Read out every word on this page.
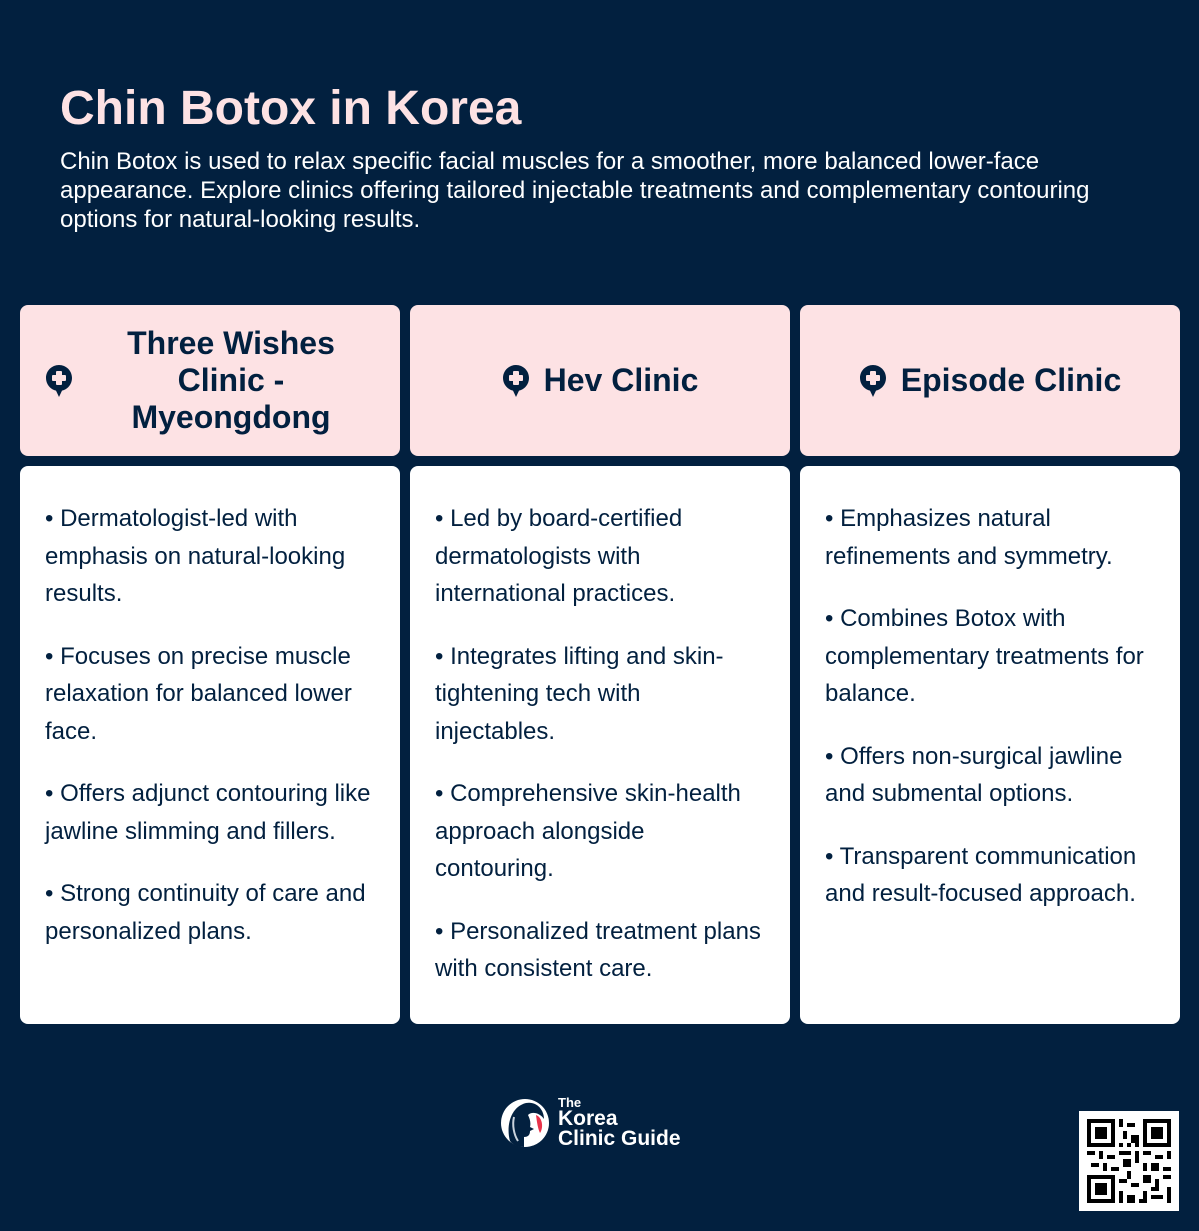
Chin Botox in Korea

Chin Botox is used to relax specific facial muscles for a smoother, more balanced lower-face appearance. Explore clinics offering tailored injectable treatments and complementary contouring options for natural-looking results.

Three Wishes Clinic - Myeongdong

• Dermatologist-led with emphasis on natural-looking results.

• Focuses on precise muscle relaxation for balanced lower face.

• Offers adjunct contouring like jawline slimming and fillers.

• Strong continuity of care and personalized plans.

Hev Clinic

• Led by board-certified dermatologists with international practices.

• Integrates lifting and skin-tightening tech with injectables.

• Comprehensive skin-health approach alongside contouring.

• Personalized treatment plans with consistent care.

Episode Clinic

• Emphasizes natural refinements and symmetry.

• Combines Botox with complementary treatments for balance.

• Offers non-surgical jawline and submental options.

• Transparent communication and result-focused approach.

The
Korea
Clinic Guide
